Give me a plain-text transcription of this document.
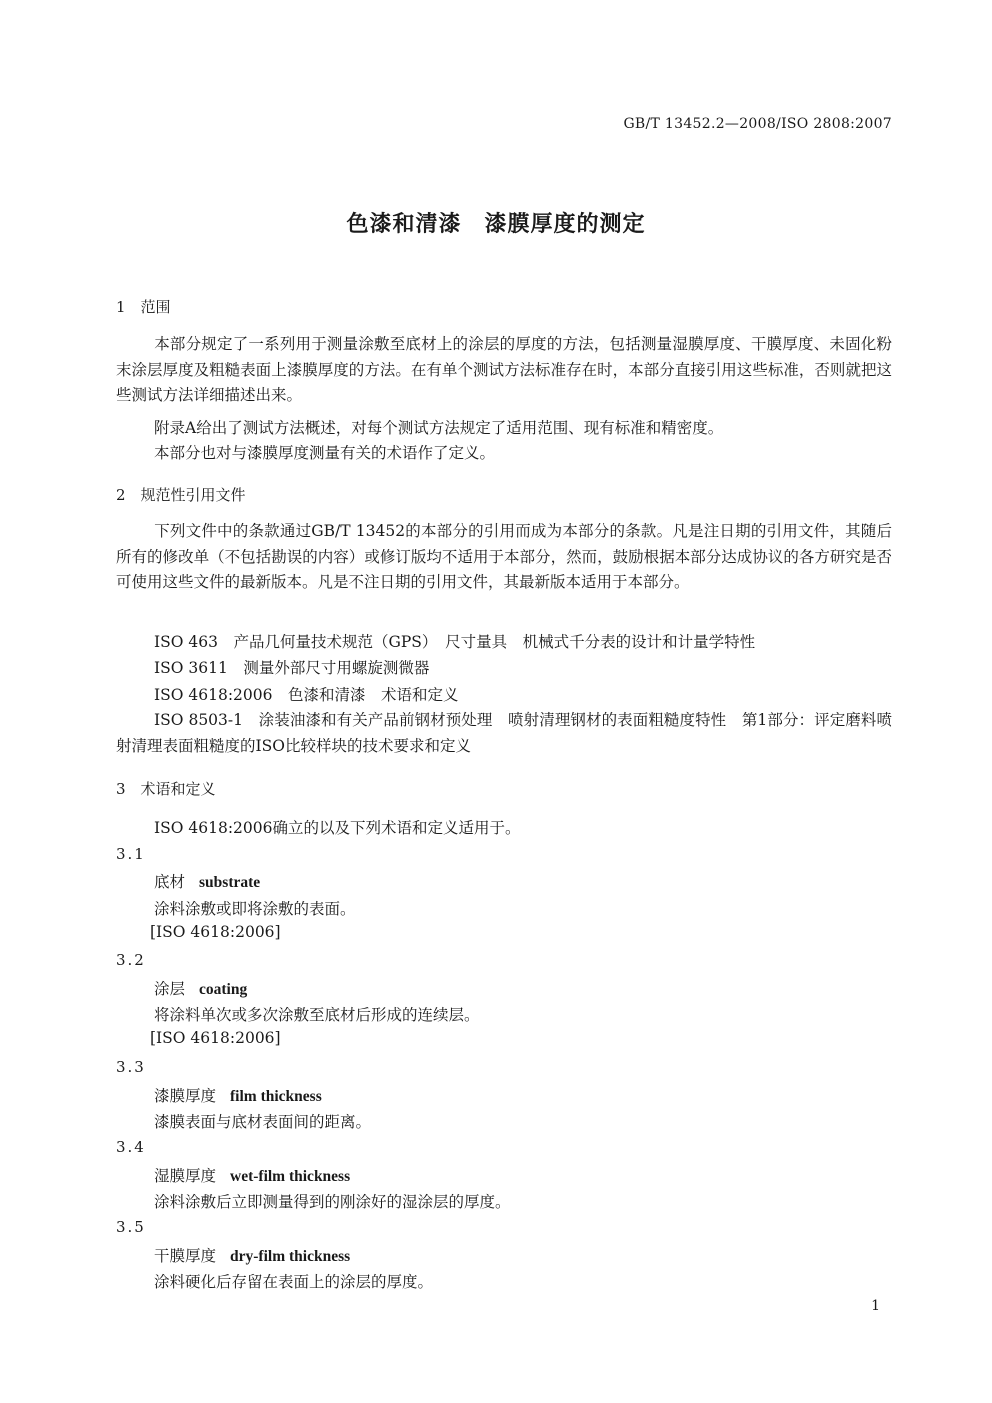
GB/T 13452.2—2008/ISO 2808:2007
色漆和清漆　漆膜厚度的测定
1　范围
本部分规定了一系列用于测量涂敷至底材上的涂层的厚度的方法，包括测量湿膜厚度、干膜厚度、未固化粉末涂层厚度及粗糙表面上漆膜厚度的方法。在有单个测试方法标准存在时，本部分直接引用这些标准，否则就把这些测试方法详细描述出来。
附录A给出了测试方法概述，对每个测试方法规定了适用范围、现有标准和精密度。
本部分也对与漆膜厚度测量有关的术语作了定义。
2　规范性引用文件
下列文件中的条款通过GB/T 13452的本部分的引用而成为本部分的条款。凡是注日期的引用文件，其随后所有的修改单（不包括勘误的内容）或修订版均不适用于本部分，然而，鼓励根据本部分达成协议的各方研究是否可使用这些文件的最新版本。凡是不注日期的引用文件，其最新版本适用于本部分。
ISO 463　产品几何量技术规范（GPS）　尺寸量具　机械式千分表的设计和计量学特性
ISO 3611　测量外部尺寸用螺旋测微器
ISO 4618:2006　色漆和清漆　术语和定义
ISO 8503-1　涂装油漆和有关产品前钢材预处理　喷射清理钢材的表面粗糙度特性　第1部分：评定磨料喷射清理表面粗糙度的ISO比较样块的技术要求和定义
3　术语和定义
ISO 4618:2006确立的以及下列术语和定义适用于。
3.1
底材 substrate
涂料涂敷或即将涂敷的表面。
[ISO 4618:2006]
3.2
涂层 coating
将涂料单次或多次涂敷至底材后形成的连续层。
[ISO 4618:2006]
3.3
漆膜厚度 film thickness
漆膜表面与底材表面间的距离。
3.4
湿膜厚度 wet-film thickness
涂料涂敷后立即测量得到的刚涂好的湿涂层的厚度。
3.5
干膜厚度 dry-film thickness
涂料硬化后存留在表面上的涂层的厚度。
1
